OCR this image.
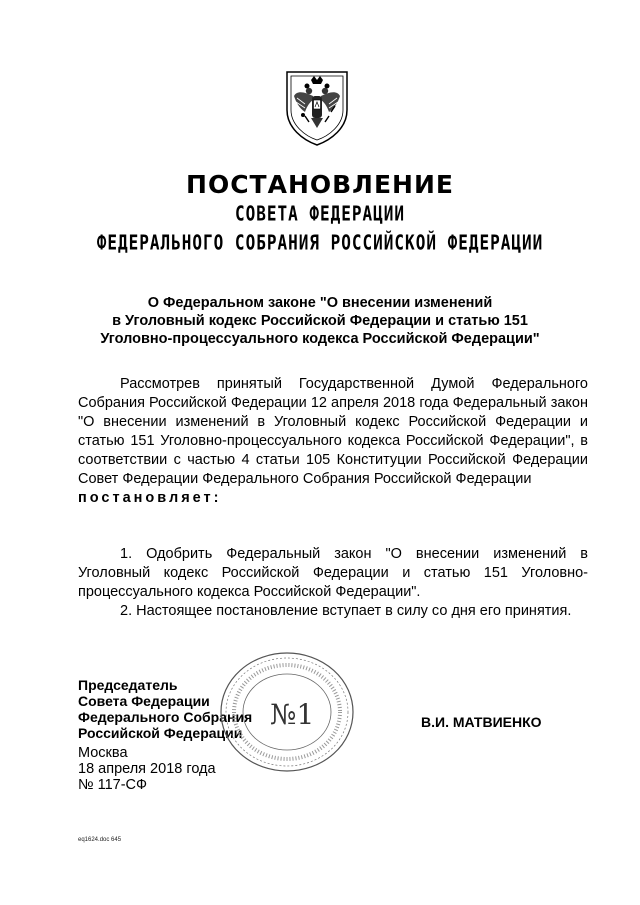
ПОСТАНОВЛЕНИЕ
СОВЕТА ФЕДЕРАЦИИ
ФЕДЕРАЛЬНОГО СОБРАНИЯ РОССИЙСКОЙ ФЕДЕРАЦИИ
О Федеральном законе "О внесении изменений
в Уголовный кодекс Российской Федерации и статью 151
Уголовно-процессуального кодекса Российской Федерации"

Рассмотрев принятый Государственной Думой Федерального Собрания Российской Федерации 12 апреля 2018 года Федеральный закон "О внесении изменений в Уголовный кодекс Российской Федерации и статью 151 Уголовно-процессуального кодекса Российской Федерации", в соответствии с частью 4 статьи 105 Конституции Российской Федерации Совет Федерации Федерального Собрания Российской Федерации
постановляет:

1. Одобрить Федеральный закон "О внесении изменений в Уголовный кодекс Российской Федерации и статью 151 Уголовно-процессуального кодекса Российской Федерации".

2. Настоящее постановление вступает в силу со дня его принятия.

Председатель
Совета Федерации
Федерального Собрания
Российской Федерации
№1	В.И. МАТВИЕНКО
Москва
18 апреля 2018 года
№ 117-СФ
eq1624.doc 645
